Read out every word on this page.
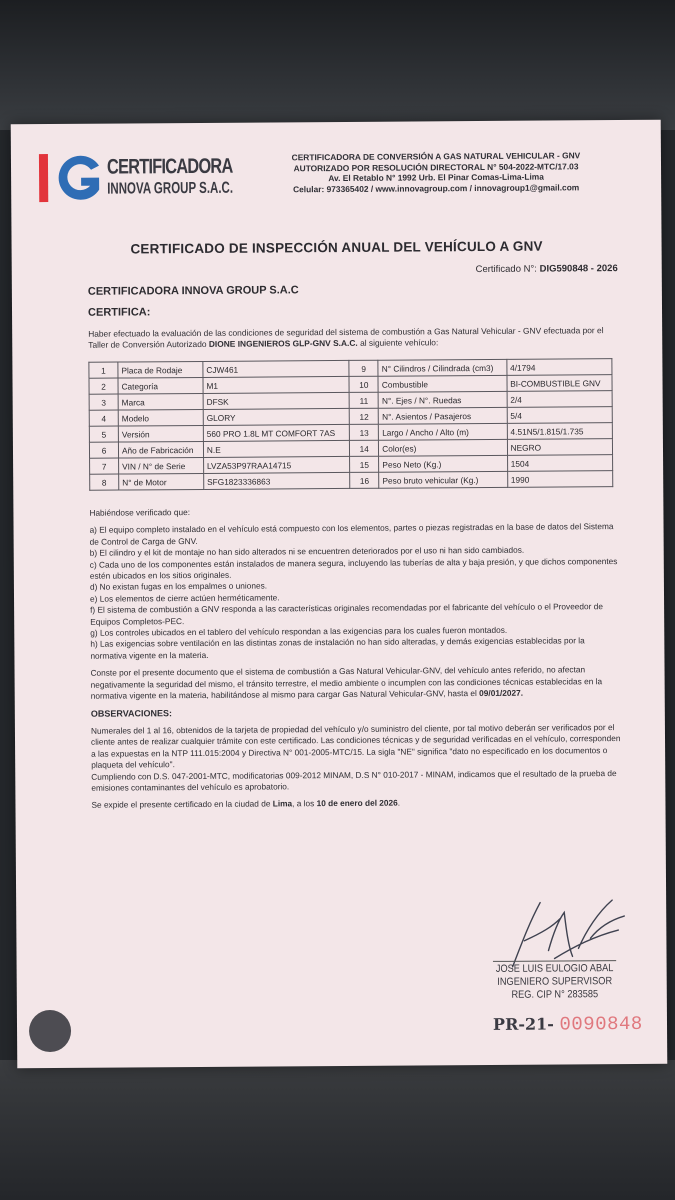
CERTIFICADORA
INNOVA GROUP S.A.C.
CERTIFICADORA DE CONVERSIÓN A GAS NATURAL VEHICULAR - GNV
AUTORIZADO POR RESOLUCIÓN DIRECTORAL N° 504-2022-MTC/17.03
Av. El Retablo N° 1992 Urb. El Pinar Comas-Lima-Lima
Celular: 973365402 / www.innovagroup.com / innovagroup1@gmail.com
CERTIFICADO DE INSPECCIÓN ANUAL DEL VEHÍCULO A GNV
Certificado N°: DIG590848 - 2026
CERTIFICADORA INNOVA GROUP S.A.C
CERTIFICA:
Haber efectuado la evaluación de las condiciones de seguridad del sistema de combustión a Gas Natural Vehicular - GNV efectuada por el Taller de Conversión Autorizado DIONE INGENIEROS GLP-GNV S.A.C. al siguiente vehículo:
1	Placa de Rodaje	CJW461	9	N° Cilindros / Cilindrada (cm3)	4/1794
2	Categoría	M1	10	Combustible	BI-COMBUSTIBLE GNV
3	Marca	DFSK	11	N°. Ejes / N°. Ruedas	2/4
4	Modelo	GLORY	12	N°. Asientos / Pasajeros	5/4
5	Versión	560 PRO 1.8L MT COMFORT 7AS	13	Largo / Ancho / Alto (m)	4.51N5/1.815/1.735
6	Año de Fabricación	N.E	14	Color(es)	NEGRO
7	VIN / N° de Serie	LVZA53P97RAA14715	15	Peso Neto (Kg.)	1504
8	N° de Motor	SFG1823336863	16	Peso bruto vehicular (Kg.)	1990

Habiéndose verificado que:

a) El equipo completo instalado en el vehículo está compuesto con los elementos, partes o piezas registradas en la base de datos del Sistema de Control de Carga de GNV.

b) El cilindro y el kit de montaje no han sido alterados ni se encuentren deteriorados por el uso ni han sido cambiados.

c) Cada uno de los componentes están instalados de manera segura, incluyendo las tuberías de alta y baja presión, y que dichos componentes estén ubicados en los sitios originales.

d) No existan fugas en los empalmes o uniones.

e) Los elementos de cierre actúen herméticamente.

f) El sistema de combustión a GNV responda a las características originales recomendadas por el fabricante del vehículo o el Proveedor de Equipos Completos-PEC.

g) Los controles ubicados en el tablero del vehículo respondan a las exigencias para los cuales fueron montados.

h) Las exigencias sobre ventilación en las distintas zonas de instalación no han sido alteradas, y demás exigencias establecidas por la normativa vigente en la materia.

Conste por el presente documento que el sistema de combustión a Gas Natural Vehicular-GNV, del vehículo antes referido, no afectan negativamente la seguridad del mismo, el tránsito terrestre, el medio ambiente o incumplen con las condiciones técnicas establecidas en la normativa vigente en la materia, habilitándose al mismo para cargar Gas Natural Vehicular-GNV, hasta el 09/01/2027.

OBSERVACIONES:

Numerales del 1 al 16, obtenidos de la tarjeta de propiedad del vehículo y/o suministro del cliente, por tal motivo deberán ser verificados por el cliente antes de realizar cualquier trámite con este certificado. Las condiciones técnicas y de seguridad verificadas en el vehículo, corresponden a las expuestas en la NTP 111.015:2004 y Directiva N° 001-2005-MTC/15. La sigla "NE" significa "dato no especificado en los documentos o plaqueta del vehículo".

Cumpliendo con D.S. 047-2001-MTC, modificatorias 009-2012 MINAM, D.S N° 010-2017 - MINAM, indicamos que el resultado de la prueba de emisiones contaminantes del vehículo es aprobatorio.

Se expide el presente certificado en la ciudad de Lima, a los 10 de enero del 2026.

JOSE LUIS EULOGIO ABAL
INGENIERO SUPERVISOR
REG. CIP N° 283585
PR-21- 0090848
